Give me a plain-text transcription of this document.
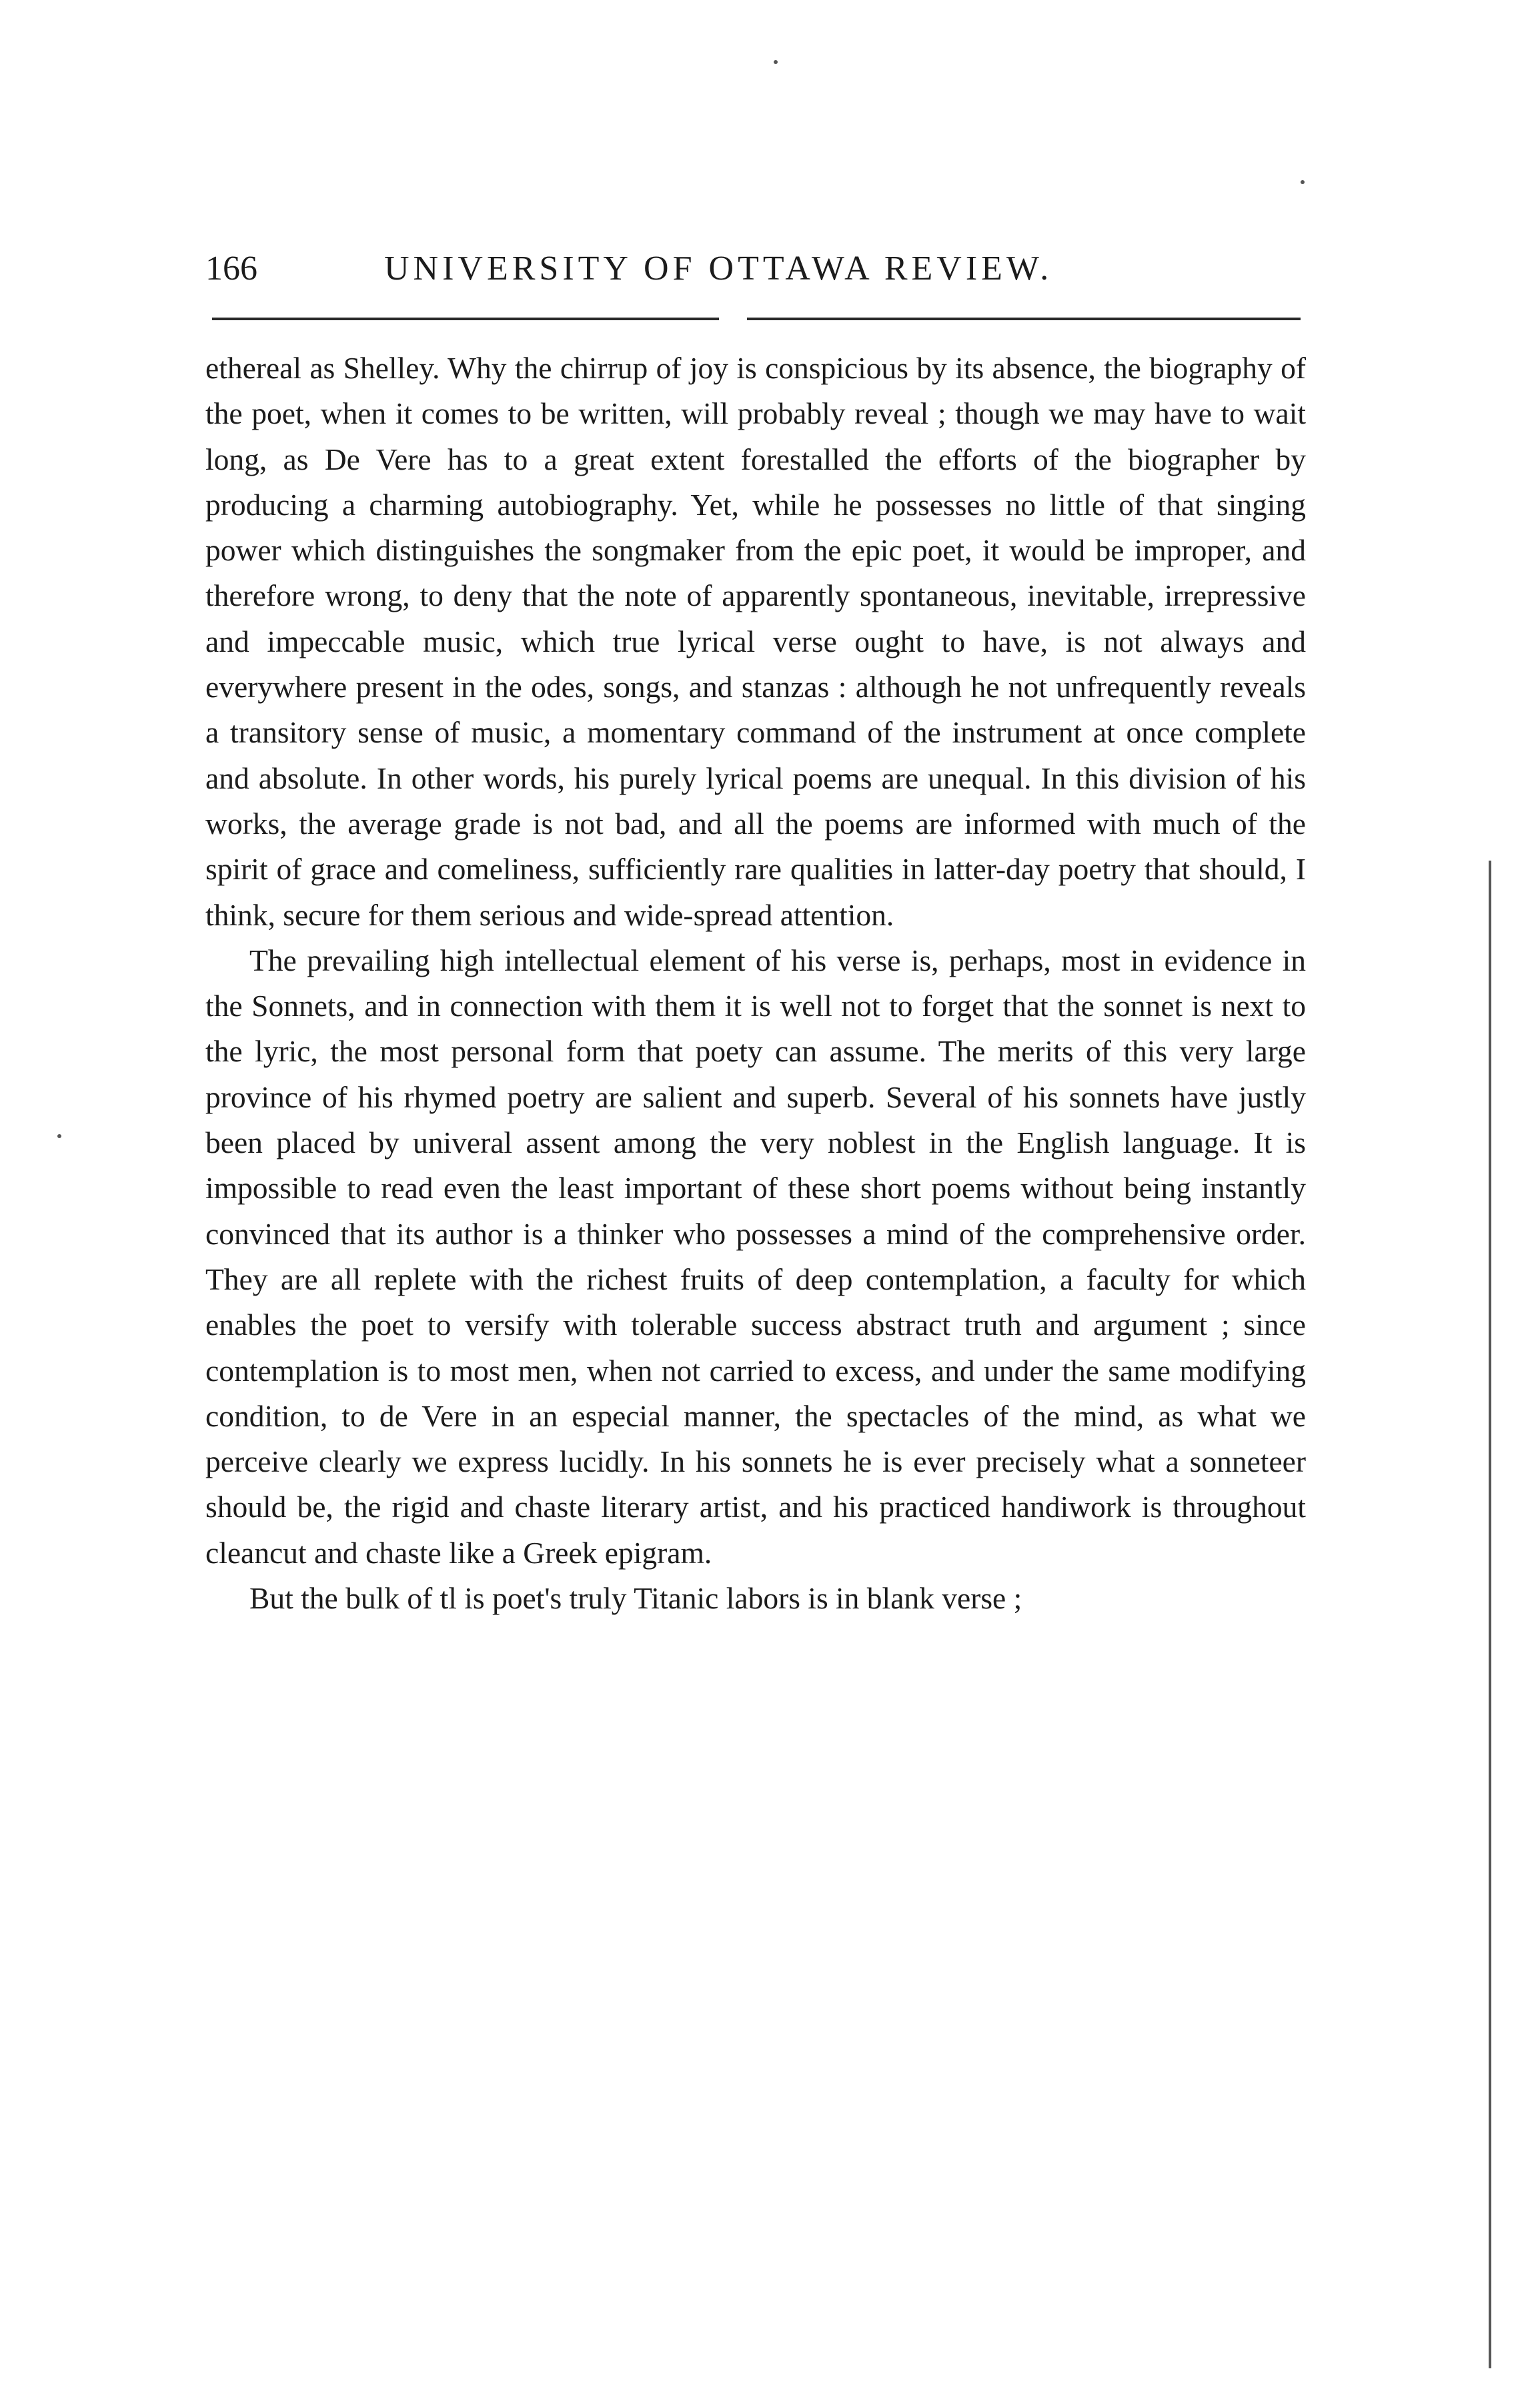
166	UNIVERSITY OF OTTAWA REVIEW.

ethereal as Shelley. Why the chirrup of joy is conspicious by its absence, the biography of the poet, when it comes to be written, will probably reveal ; though we may have to wait long, as De Vere has to a great extent forestalled the efforts of the biographer by producing a charming autobiography. Yet, while he possesses no little of that singing power which distinguishes the songmaker from the epic poet, it would be improper, and therefore wrong, to deny that the note of apparently spontaneous, inevitable, irrepressive and impeccable music, which true lyrical verse ought to have, is not always and everywhere present in the odes, songs, and stanzas : although he not unfrequently reveals a transitory sense of music, a momentary command of the instrument at once complete and absolute. In other words, his purely lyrical poems are unequal. In this division of his works, the average grade is not bad, and all the poems are informed with much of the spirit of grace and comeliness, sufficiently rare qualities in latter-day poetry that should, I think, secure for them serious and wide-spread attention.

The prevailing high intellectual element of his verse is, perhaps, most in evidence in the Sonnets, and in connection with them it is well not to forget that the sonnet is next to the lyric, the most personal form that poety can assume. The merits of this very large province of his rhymed poetry are salient and superb. Several of his sonnets have justly been placed by univeral assent among the very noblest in the English language. It is impossible to read even the least important of these short poems without being instantly convinced that its author is a thinker who possesses a mind of the comprehensive order. They are all replete with the richest fruits of deep contemplation, a faculty for which enables the poet to versify with tolerable success abstract truth and argument ; since contemplation is to most men, when not carried to excess, and under the same modifying condition, to de Vere in an especial manner, the spectacles of the mind, as what we perceive clearly we express lucidly. In his sonnets he is ever precisely what a sonneteer should be, the rigid and chaste literary artist, and his practiced handiwork is throughout cleancut and chaste like a Greek epigram.

But the bulk of tl is poet's truly Titanic labors is in blank verse ;
